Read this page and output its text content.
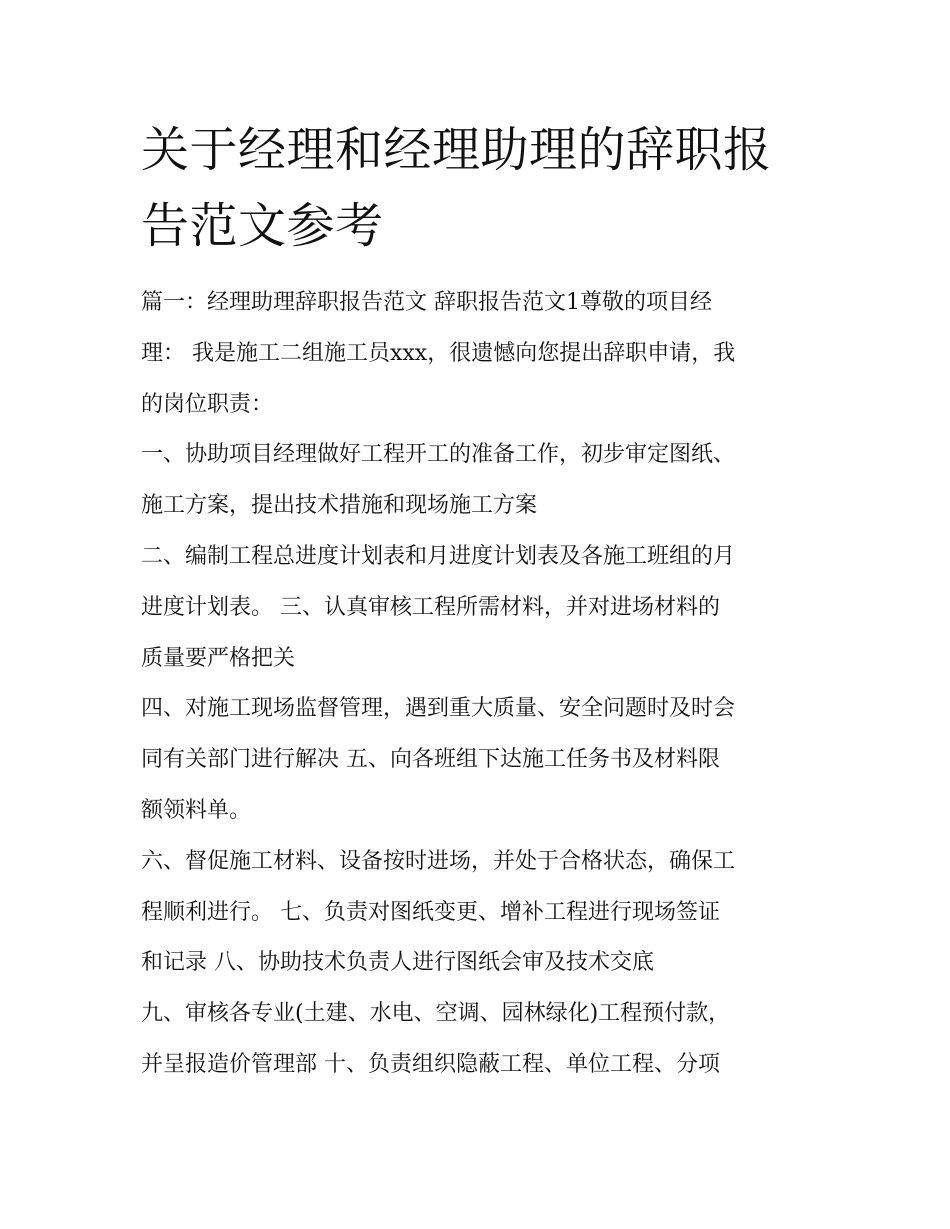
关于经理和经理助理的辞职报
告范文参考
篇一：经理助理辞职报告范文 辞职报告范文1尊敬的项目经
理： 我是施工二组施工员xxx，很遗憾向您提出辞职申请，我
的岗位职责：
一、协助项目经理做好工程开工的准备工作，初步审定图纸、
施工方案，提出技术措施和现场施工方案
二、编制工程总进度计划表和月进度计划表及各施工班组的月
进度计划表。 三、认真审核工程所需材料，并对进场材料的
质量要严格把关
四、对施工现场监督管理，遇到重大质量、安全问题时及时会
同有关部门进行解决 五、向各班组下达施工任务书及材料限
额领料单。
六、督促施工材料、设备按时进场，并处于合格状态，确保工
程顺利进行。 七、负责对图纸变更、增补工程进行现场签证
和记录 八、协助技术负责人进行图纸会审及技术交底
九、审核各专业(土建、水电、空调、园林绿化)工程预付款，
并呈报造价管理部 十、负责组织隐蔽工程、单位工程、分项
